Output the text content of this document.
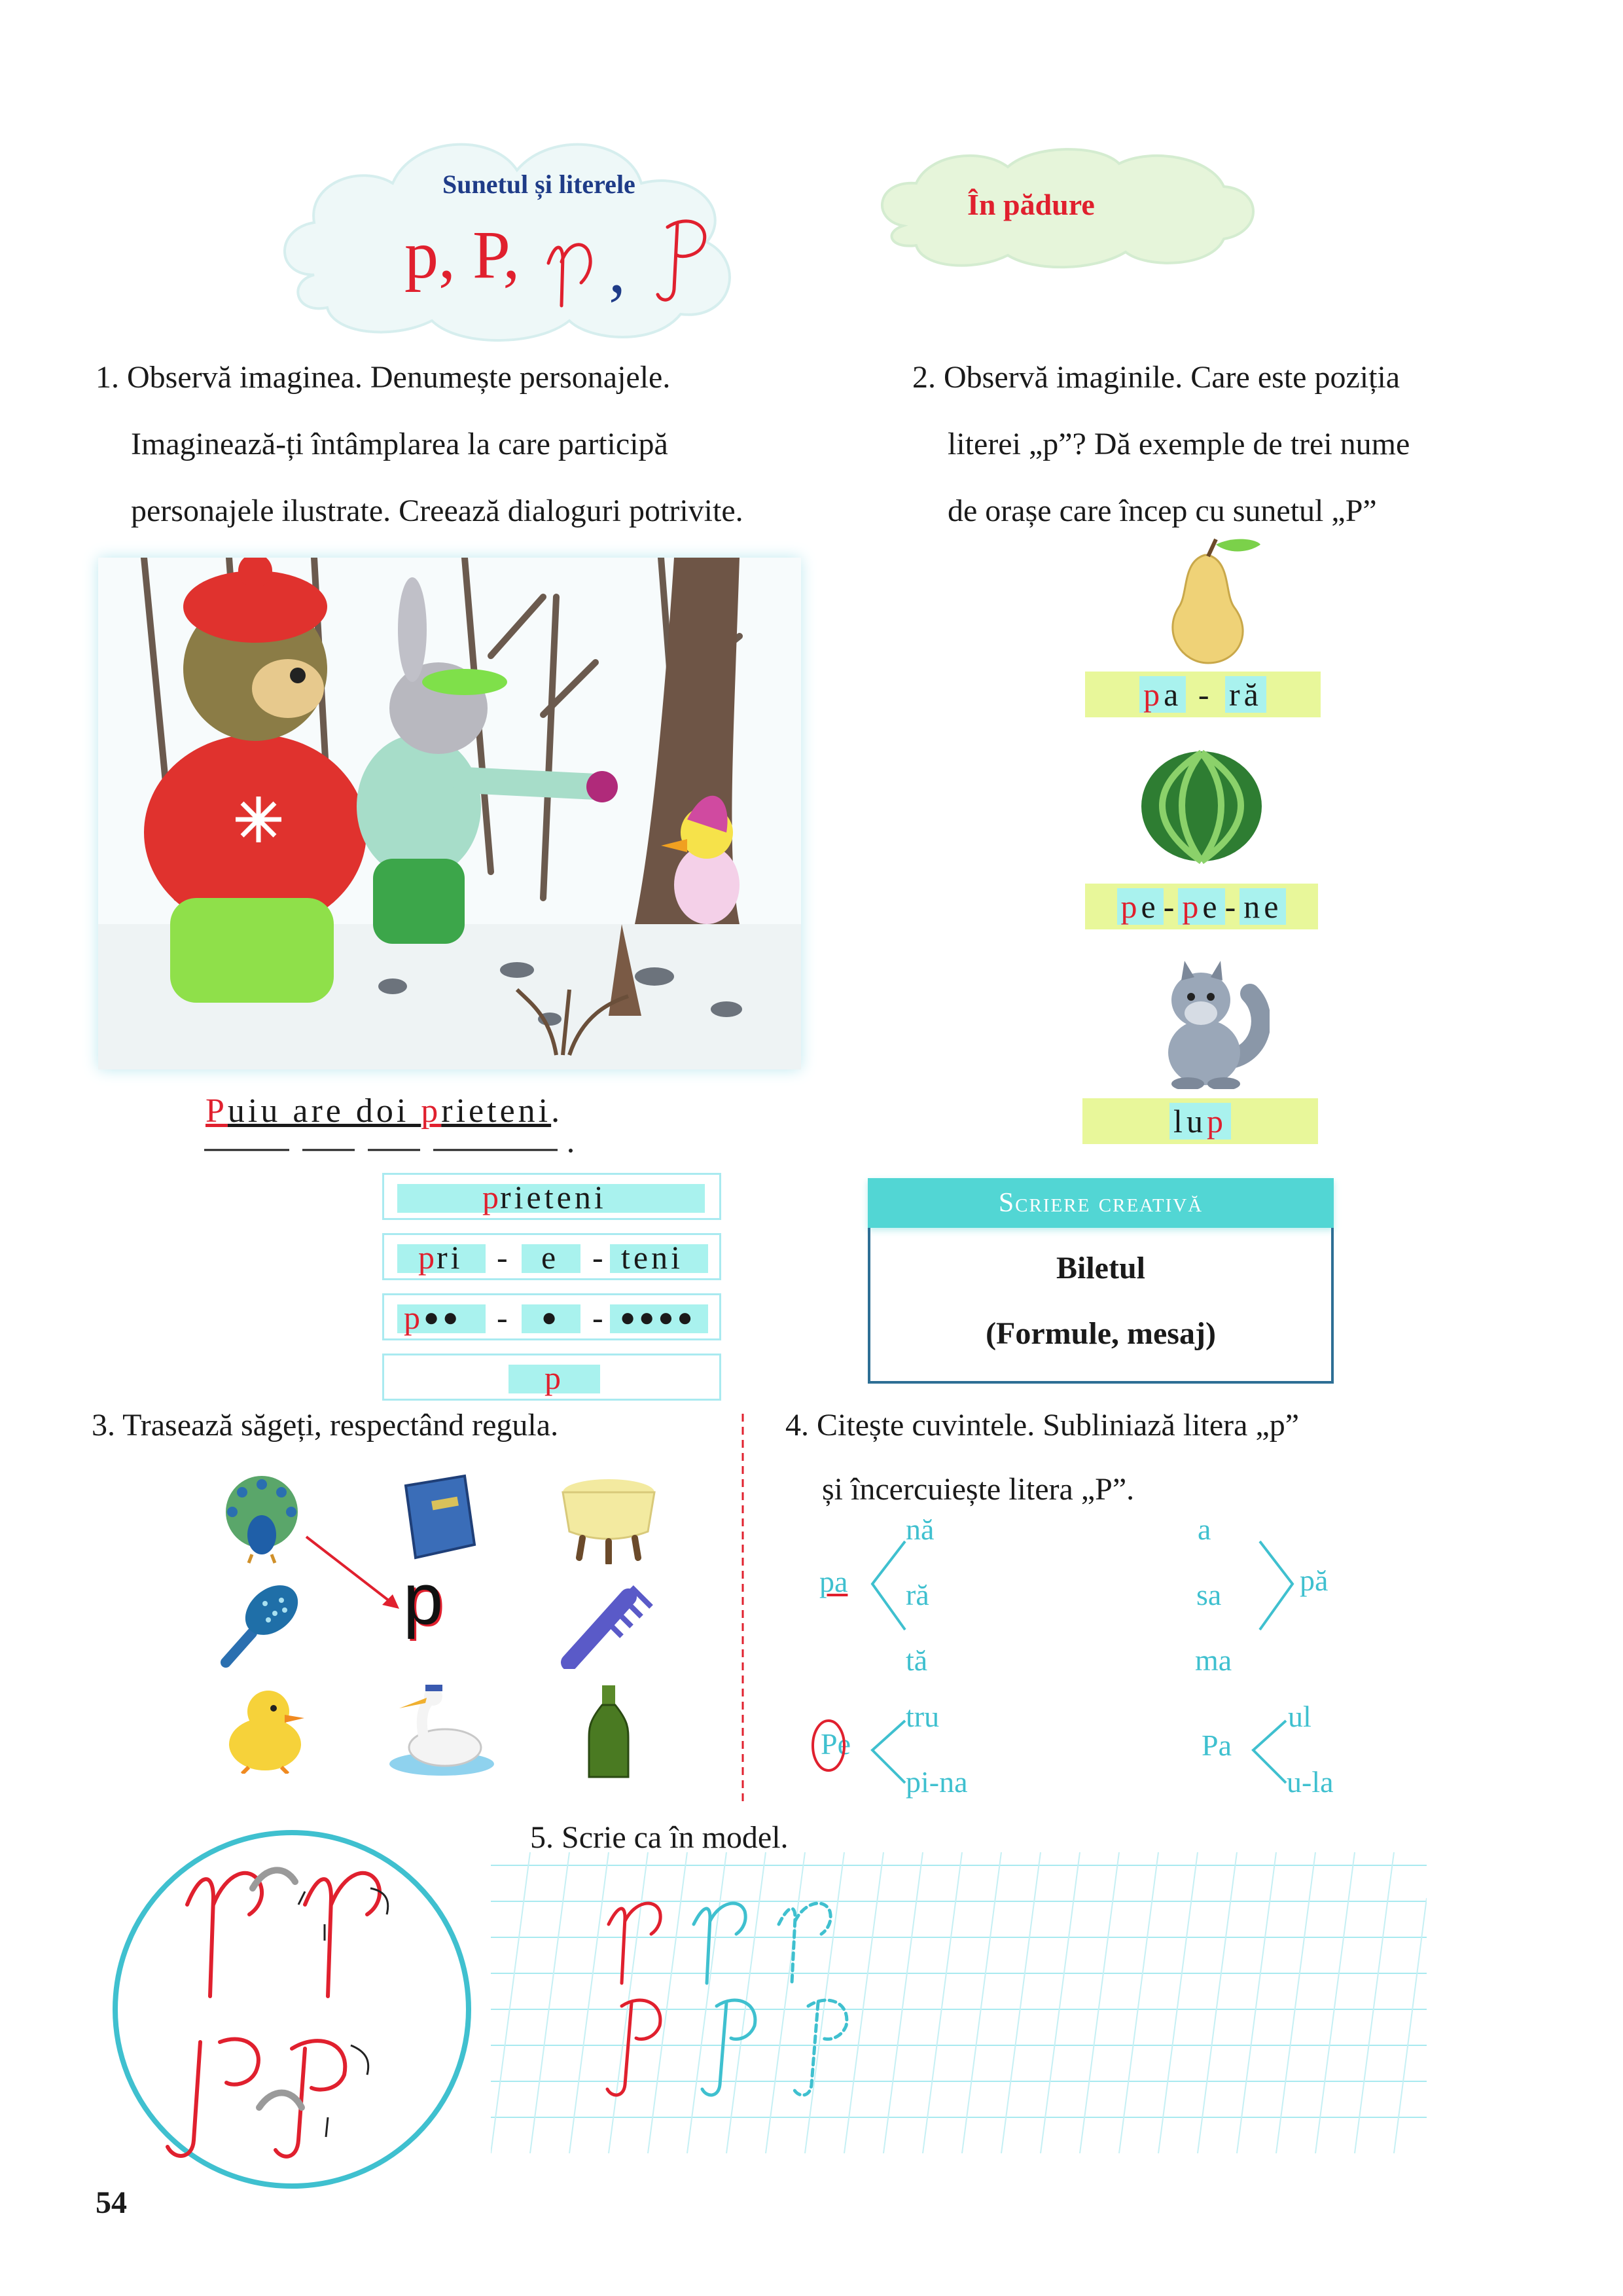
Sunetul și literele
p, P, ,
În pădure

1. Observă imaginea. Denumește personajele.

Imaginează-ți întâmplarea la care participă

personajele ilustrate. Creează dialoguri potrivite.

Puiu are doi prieteni.
p
rieteni
p
ri - e - teni
p ●● - ● - ●●●●
p

2. Observă imaginile. Care este poziția

literei „p”? Dă exemple de trei nume

de orașe care încep cu sunetul „P”

pa - ră
pe - pe - ne
lup
Scriere creativă
Biletul
(Formule, mesaj)
3. Trasează săgeți, respectând regula.
p
4. Citește cuvintele. Subliniază litera „p”
și încercuiește litera „P”.
pa
nă
ră
tă
Pe
tru
pi-na
a
sa
ma
pă
Pa
ul
u-la
5. Scrie ca în model.
54
